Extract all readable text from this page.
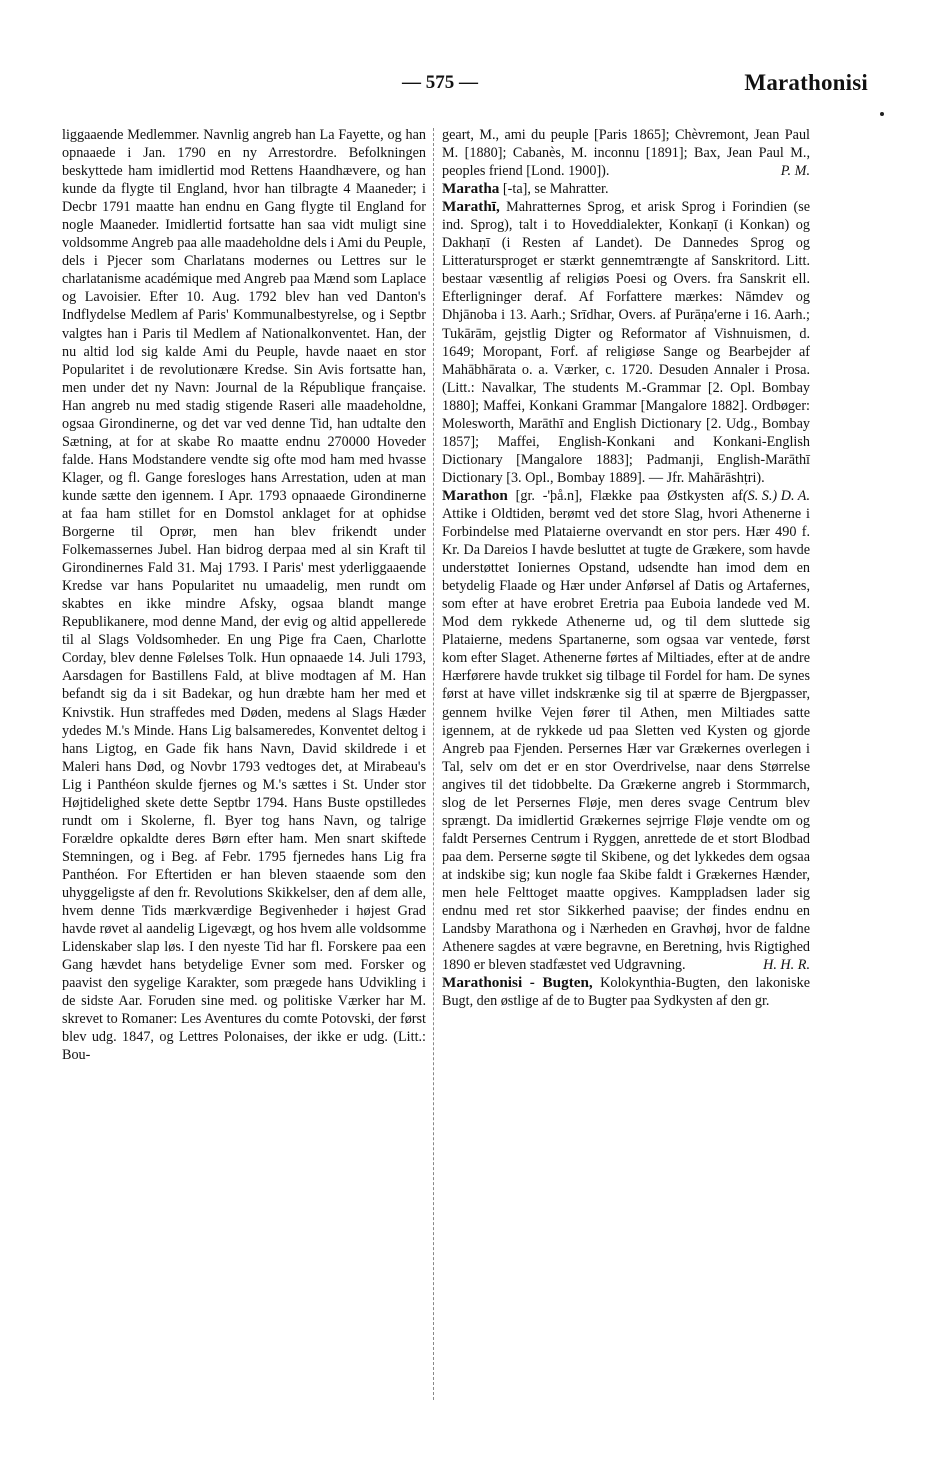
— 575 —	Marathonisi

liggaaende Medlemmer. Navnlig angreb han La Fayette, og han opnaaede i Jan. 1790 en ny Arrestordre. Befolkningen beskyttede ham imidlertid mod Rettens Haandhævere, og han kunde da flygte til England, hvor han tilbragte 4 Maaneder; i Decbr 1791 maatte han endnu en Gang flygte til England for nogle Maaneder. Imidlertid fortsatte han saa vidt muligt sine voldsomme Angreb paa alle maadeholdne dels i Ami du Peuple, dels i Pjecer som Charlatans modernes ou Lettres sur le charlatanisme académique med Angreb paa Mænd som Laplace og Lavoisier. Efter 10. Aug. 1792 blev han ved Danton's Indflydelse Medlem af Paris' Kommunalbestyrelse, og i Septbr valgtes han i Paris til Medlem af Nationalkonventet. Han, der nu altid lod sig kalde Ami du Peuple, havde naaet en stor Popularitet i de revolutionære Kredse. Sin Avis fortsatte han, men under det ny Navn: Journal de la République française. Han angreb nu med stadig stigende Raseri alle maadeholdne, ogsaa Girondinerne, og det var ved denne Tid, han udtalte den Sætning, at for at skabe Ro maatte endnu 270000 Hoveder falde. Hans Modstandere vendte sig ofte mod ham med hvasse Klager, og fl. Gange foresloges hans Arrestation, uden at man kunde sætte den igennem. I Apr. 1793 opnaaede Girondinerne at faa ham stillet for en Domstol anklaget for at ophidse Borgerne til Oprør, men han blev frikendt under Folkemassernes Jubel. Han bidrog derpaa med al sin Kraft til Girondinernes Fald 31. Maj 1793. I Paris' mest yderliggaaende Kredse var hans Popularitet nu umaadelig, men rundt om skabtes en ikke mindre Afsky, ogsaa blandt mange Republikanere, mod denne Mand, der evig og altid appellerede til al Slags Voldsomheder. En ung Pige fra Caen, Charlotte Corday, blev denne Følelses Tolk. Hun opnaaede 14. Juli 1793, Aarsdagen for Bastillens Fald, at blive modtagen af M. Han befandt sig da i sit Badekar, og hun dræbte ham her med et Knivstik. Hun straffedes med Døden, medens al Slags Hæder ydedes M.'s Minde. Hans Lig balsameredes, Konventet deltog i hans Ligtog, en Gade fik hans Navn, David skildrede i et Maleri hans Død, og Novbr 1793 vedtoges det, at Mirabeau's Lig i Panthéon skulde fjernes og M.'s sættes i St. Under stor Højtidelighed skete dette Septbr 1794. Hans Buste opstilledes rundt om i Skolerne, fl. Byer tog hans Navn, og talrige Forældre opkaldte deres Børn efter ham. Men snart skiftede Stemningen, og i Beg. af Febr. 1795 fjernedes hans Lig fra Panthéon. For Eftertiden er han bleven staaende som den uhyggeligste af den fr. Revolutions Skikkelser, den af dem alle, hvem denne Tids mærkværdige Begivenheder i højest Grad havde røvet al aandelig Ligevægt, og hos hvem alle voldsomme Lidenskaber slap løs. I den nyeste Tid har fl. Forskere paa een Gang hævdet hans betydelige Evner som med. Forsker og paavist den sygelige Karakter, som prægede hans Udvikling i de sidste Aar. Foruden sine med. og politiske Værker har M. skrevet to Romaner: Les Aventures du comte Potovski, der først blev udg. 1847, og Lettres Polonaises, der ikke er udg. (Litt.: Bou-

geart, M., ami du peuple [Paris 1865]; Chèvremont, Jean Paul M. [1880]; Cabanès, M. inconnu [1891]; Bax, Jean Paul M., peoples friend [Lond. 1900]).	P. M.

Maratha [-ta], se Mahratter.

Marathī, Mahratternes Sprog, et arisk Sprog i Forindien (se ind. Sprog), talt i to Hoveddialekter, Konkaṇī (i Konkan) og Dakhaṇī (i Resten af Landet). De Dannedes Sprog og Litteratursproget er stærkt gennemtrængte af Sanskritord. Litt. bestaar væsentlig af religiøs Poesi og Overs. fra Sanskrit ell. Efterligninger deraf. Af Forfattere mærkes: Nāmdev og Dhjānoba i 13. Aarh.; Srīdhar, Overs. af Purāṇa'erne i 16. Aarh.; Tukārām, gejstlig Digter og Reformator af Vishnuismen, d. 1649; Moropant, Forf. af religiøse Sange og Bearbejder af Mahābhārata o. a. Værker, c. 1720. Desuden Annaler i Prosa. (Litt.: Navalkar, The students M.-Grammar [2. Opl. Bombay 1880]; Maffei, Konkani Grammar [Mangalore 1882]. Ordbøger: Molesworth, Marāthī and English Dictionary [2. Udg., Bombay 1857]; Maffei, English-Konkani and Konkani-English Dictionary [Mangalore 1883]; Padmanji, English-Marāthī Dictionary [3. Opl., Bombay 1889]. — Jfr. Mahārāshṭri).
(S. S.) D. A.

Marathon [gr. -'þå.n], Flække paa Østkysten af Attike i Oldtiden, berømt ved det store Slag, hvori Athenerne i Forbindelse med Plataierne overvandt en stor pers. Hær 490 f. Kr. Da Dareios I havde besluttet at tugte de Grækere, som havde understøttet Ioniernes Opstand, udsendte han imod dem en betydelig Flaade og Hær under Anførsel af Datis og Artafernes, som efter at have erobret Eretria paa Euboia landede ved M. Mod dem rykkede Athenerne ud, og til dem sluttede sig Plataierne, medens Spartanerne, som ogsaa var ventede, først kom efter Slaget. Athenerne førtes af Miltiades, efter at de andre Hærførere havde trukket sig tilbage til Fordel for ham. De synes først at have villet indskrænke sig til at spærre de Bjergpasser, gennem hvilke Vejen fører til Athen, men Miltiades satte igennem, at de rykkede ud paa Sletten ved Kysten og gjorde Angreb paa Fjenden. Persernes Hær var Grækernes overlegen i Tal, selv om det er en stor Overdrivelse, naar dens Størrelse angives til det tidobbelte. Da Grækerne angreb i Stormmarch, slog de let Persernes Fløje, men deres svage Centrum blev sprængt. Da imidlertid Grækernes sejrrige Fløje vendte om og faldt Persernes Centrum i Ryggen, anrettede de et stort Blodbad paa dem. Perserne søgte til Skibene, og det lykkedes dem ogsaa at indskibe sig; kun nogle faa Skibe faldt i Grækernes Hænder, men hele Felttoget maatte opgives. Kamppladsen lader sig endnu med ret stor Sikkerhed paavise; der findes endnu en Landsby Marathona og i Nærheden en Gravhøj, hvor de faldne Athenere sagdes at være begravne, en Beretning, hvis Rigtighed 1890 er bleven stadfæstet ved Udgravning.	H. H. R.

Marathonisi - Bugten, Kolokynthia-Bugten, den lakoniske Bugt, den østlige af de to Bugter paa Sydkysten af den gr.
